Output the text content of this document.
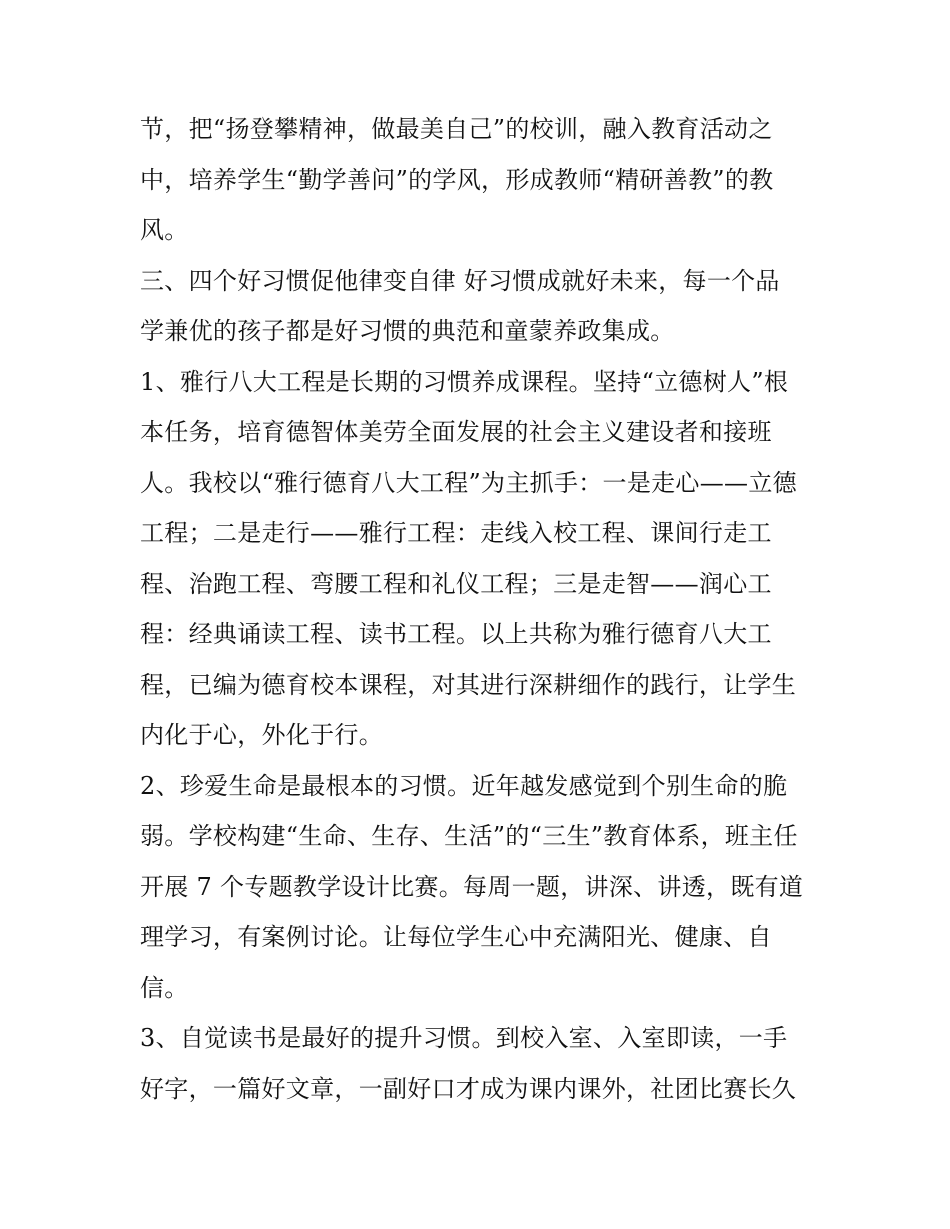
节，把“扬登攀精神，做最美自己”的校训，融入教育活动之
中，培养学生“勤学善问”的学风，形成教师“精研善教”的教
风。
三、四个好习惯促他律变自律 好习惯成就好未来，每一个品
学兼优的孩子都是好习惯的典范和童蒙养政集成。
1、雅行八大工程是长期的习惯养成课程。坚持“立德树人”根
本任务，培育德智体美劳全面发展的社会主义建设者和接班
人。我校以“雅行德育八大工程”为主抓手：一是走心——立德
工程；二是走行——雅行工程：走线入校工程、课间行走工
程、治跑工程、弯腰工程和礼仪工程；三是走智——润心工
程：经典诵读工程、读书工程。以上共称为雅行德育八大工
程，已编为德育校本课程，对其进行深耕细作的践行，让学生
内化于心，外化于行。
2、珍爱生命是最根本的习惯。近年越发感觉到个别生命的脆
弱。学校构建“生命、生存、生活”的“三生”教育体系，班主任
开展 7 个专题教学设计比赛。每周一题，讲深、讲透，既有道
理学习，有案例讨论。让每位学生心中充满阳光、健康、自
信。
3、自觉读书是最好的提升习惯。到校入室、入室即读，一手
好字，一篇好文章，一副好口才成为课内课外，社团比赛长久
